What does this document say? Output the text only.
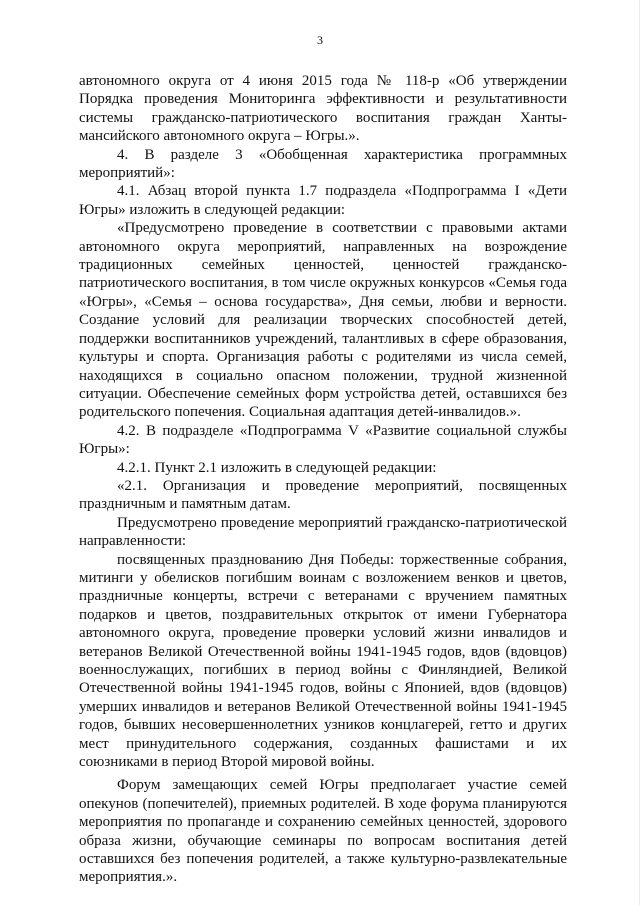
3

автономного округа от 4 июня 2015 года № 118-р «Об утверждении Порядка проведения Мониторинга эффективности и результативности системы гражданско-патриотического воспитания граждан Ханты-мансийского автономного округа – Югры.».

4. В разделе 3 «Обобщенная характеристика программных мероприятий»:

4.1. Абзац второй пункта 1.7 подраздела «Подпрограмма I «Дети Югры» изложить в следующей редакции:

«Предусмотрено проведение в соответствии с правовыми актами автономного округа мероприятий, направленных на возрождение традиционных семейных ценностей, ценностей гражданско-патриотического воспитания, в том числе окружных конкурсов «Семья года «Югры», «Семья – основа государства», Дня семьи, любви и верности. Создание условий для реализации творческих способностей детей, поддержки воспитанников учреждений, талантливых в сфере образования, культуры и спорта. Организация работы с родителями из числа семей, находящихся в социально опасном положении, трудной жизненной ситуации. Обеспечение семейных форм устройства детей, оставшихся без родительского попечения. Социальная адаптация детей-инвалидов.».

4.2. В подразделе «Подпрограмма V «Развитие социальной службы Югры»:

4.2.1. Пункт 2.1 изложить в следующей редакции:

«2.1. Организация и проведение мероприятий, посвященных праздничным и памятным датам.

Предусмотрено проведение мероприятий гражданско-патриотической направленности:

посвященных празднованию Дня Победы: торжественные собрания, митинги у обелисков погибшим воинам с возложением венков и цветов, праздничные концерты, встречи с ветеранами с вручением памятных подарков и цветов, поздравительных открыток от имени Губернатора автономного округа, проведение проверки условий жизни инвалидов и ветеранов Великой Отечественной войны 1941-1945 годов, вдов (вдовцов) военнослужащих, погибших в период войны с Финляндией, Великой Отечественной войны 1941-1945 годов, войны с Японией, вдов (вдовцов) умерших инвалидов и ветеранов Великой Отечественной войны 1941-1945 годов, бывших несовершеннолетних узников концлагерей, гетто и других мест принудительного содержания, созданных фашистами и их союзниками в период Второй мировой войны.

Форум замещающих семей Югры предполагает участие семей опекунов (попечителей), приемных родителей. В ходе форума планируются мероприятия по пропаганде и сохранению семейных ценностей, здорового образа жизни, обучающие семинары по вопросам воспитания детей оставшихся без попечения родителей, а также культурно-развлекательные мероприятия.».
